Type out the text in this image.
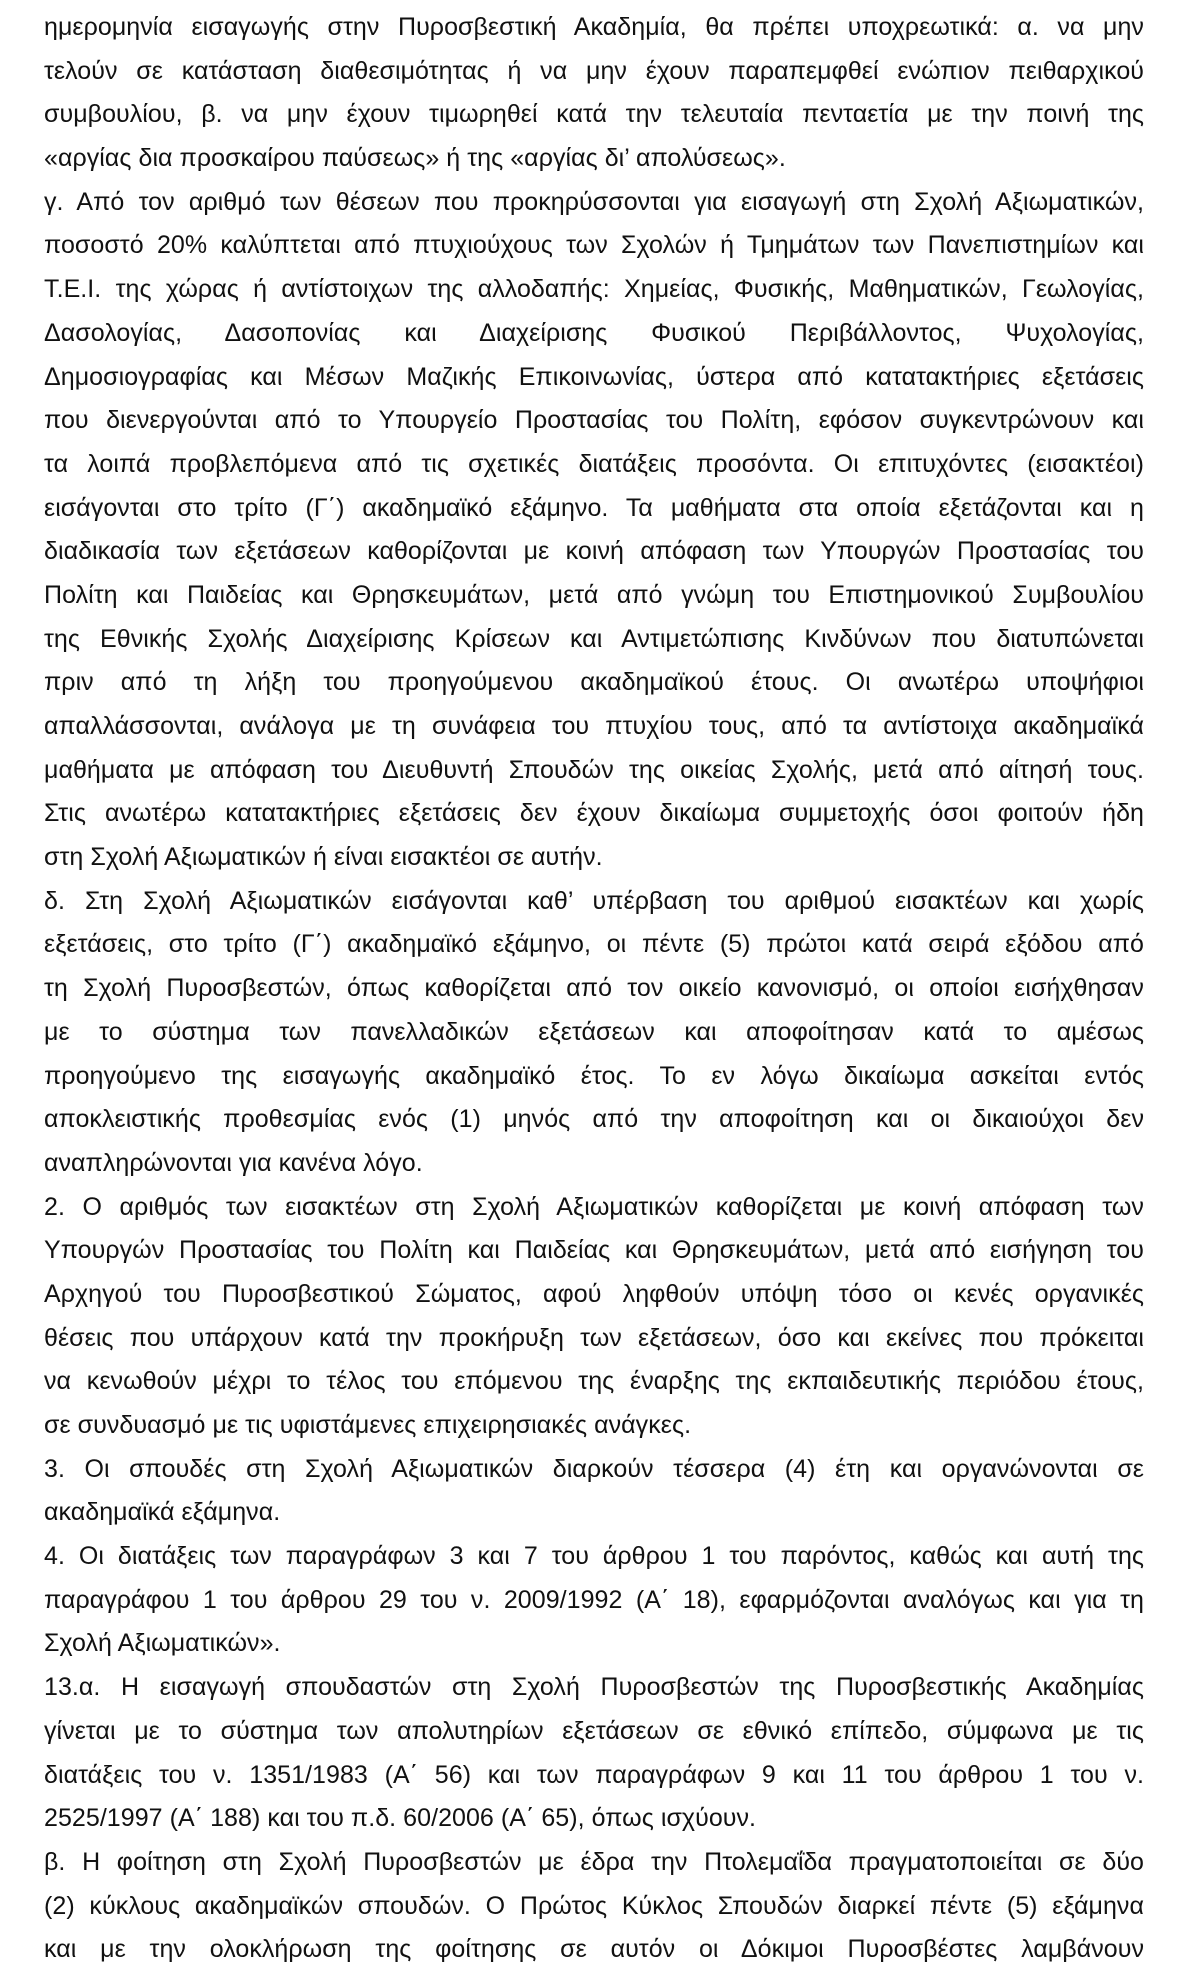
ημερομηνία εισαγωγής στην Πυροσβεστική Ακαδημία, θα πρέπει υποχρεωτικά: α. να μην
τελούν σε κατάσταση διαθεσιμότητας ή να μην έχουν παραπεμφθεί ενώπιον πειθαρχικού
συμβουλίου, β. να μην έχουν τιμωρηθεί κατά την τελευταία πενταετία με την ποινή της
«αργίας δια προσκαίρου παύσεως» ή της «αργίας δι’ απολύσεως».
γ. Από τον αριθμό των θέσεων που προκηρύσσονται για εισαγωγή στη Σχολή Αξιωματικών,
ποσοστό 20% καλύπτεται από πτυχιούχους των Σχολών ή Τμημάτων των Πανεπιστημίων και
Τ.Ε.Ι. της χώρας ή αντίστοιχων της αλλοδαπής: Χημείας, Φυσικής, Μαθηματικών, Γεωλογίας,
Δασολογίας, Δασοπονίας και Διαχείρισης Φυσικού Περιβάλλοντος, Ψυχολογίας,
Δημοσιογραφίας και Μέσων Μαζικής Επικοινωνίας, ύστερα από κατατακτήριες εξετάσεις
που διενεργούνται από το Υπουργείο Προστασίας του Πολίτη, εφόσον συγκεντρώνουν και
τα λοιπά προβλεπόμενα από τις σχετικές διατάξεις προσόντα. Οι επιτυχόντες (εισακτέοι)
εισάγονται στο τρίτο (Γ΄) ακαδημαϊκό εξάμηνο. Τα μαθήματα στα οποία εξετάζονται και η
διαδικασία των εξετάσεων καθορίζονται με κοινή απόφαση των Υπουργών Προστασίας του
Πολίτη και Παιδείας και Θρησκευμάτων, μετά από γνώμη του Επιστημονικού Συμβουλίου
της Εθνικής Σχολής Διαχείρισης Κρίσεων και Αντιμετώπισης Κινδύνων που διατυπώνεται
πριν από τη λήξη του προηγούμενου ακαδημαϊκού έτους. Οι ανωτέρω υποψήφιοι
απαλλάσσονται, ανάλογα με τη συνάφεια του πτυχίου τους, από τα αντίστοιχα ακαδημαϊκά
μαθήματα με απόφαση του Διευθυντή Σπουδών της οικείας Σχολής, μετά από αίτησή τους.
Στις ανωτέρω κατατακτήριες εξετάσεις δεν έχουν δικαίωμα συμμετοχής όσοι φοιτούν ήδη
στη Σχολή Αξιωματικών ή είναι εισακτέοι σε αυτήν.
δ. Στη Σχολή Αξιωματικών εισάγονται καθ’ υπέρβαση του αριθμού εισακτέων και χωρίς
εξετάσεις, στο τρίτο (Γ΄) ακαδημαϊκό εξάμηνο, οι πέντε (5) πρώτοι κατά σειρά εξόδου από
τη Σχολή Πυροσβεστών, όπως καθορίζεται από τον οικείο κανονισμό, οι οποίοι εισήχθησαν
με το σύστημα των πανελλαδικών εξετάσεων και αποφοίτησαν κατά το αμέσως
προηγούμενο της εισαγωγής ακαδημαϊκό έτος. Το εν λόγω δικαίωμα ασκείται εντός
αποκλειστικής προθεσμίας ενός (1) μηνός από την αποφοίτηση και οι δικαιούχοι δεν
αναπληρώνονται για κανένα λόγο.
2. Ο αριθμός των εισακτέων στη Σχολή Αξιωματικών καθορίζεται με κοινή απόφαση των
Υπουργών Προστασίας του Πολίτη και Παιδείας και Θρησκευμάτων, μετά από εισήγηση του
Αρχηγού του Πυροσβεστικού Σώματος, αφού ληφθούν υπόψη τόσο οι κενές οργανικές
θέσεις που υπάρχουν κατά την προκήρυξη των εξετάσεων, όσο και εκείνες που πρόκειται
να κενωθούν μέχρι το τέλος του επόμενου της έναρξης της εκπαιδευτικής περιόδου έτους,
σε συνδυασμό με τις υφιστάμενες επιχειρησιακές ανάγκες.
3. Οι σπουδές στη Σχολή Αξιωματικών διαρκούν τέσσερα (4) έτη και οργανώνονται σε
ακαδημαϊκά εξάμηνα.
4. Οι διατάξεις των παραγράφων 3 και 7 του άρθρου 1 του παρόντος, καθώς και αυτή της
παραγράφου 1 του άρθρου 29 του ν. 2009/1992 (Α΄ 18), εφαρμόζονται αναλόγως και για τη
Σχολή Αξιωματικών».
13.α. Η εισαγωγή σπουδαστών στη Σχολή Πυροσβεστών της Πυροσβεστικής Ακαδημίας
γίνεται με το σύστημα των απολυτηρίων εξετάσεων σε εθνικό επίπεδο, σύμφωνα με τις
διατάξεις του ν. 1351/1983 (Α΄ 56) και των παραγράφων 9 και 11 του άρθρου 1 του ν.
2525/1997 (Α΄ 188) και του π.δ. 60/2006 (Α΄ 65), όπως ισχύουν.
β. Η φοίτηση στη Σχολή Πυροσβεστών με έδρα την Πτολεμαΐδα πραγματοποιείται σε δύο
(2) κύκλους ακαδημαϊκών σπουδών. Ο Πρώτος Κύκλος Σπουδών διαρκεί πέντε (5) εξάμηνα
και με την ολοκλήρωση της φοίτησης σε αυτόν οι Δόκιμοι Πυροσβέστες λαμβάνουν
